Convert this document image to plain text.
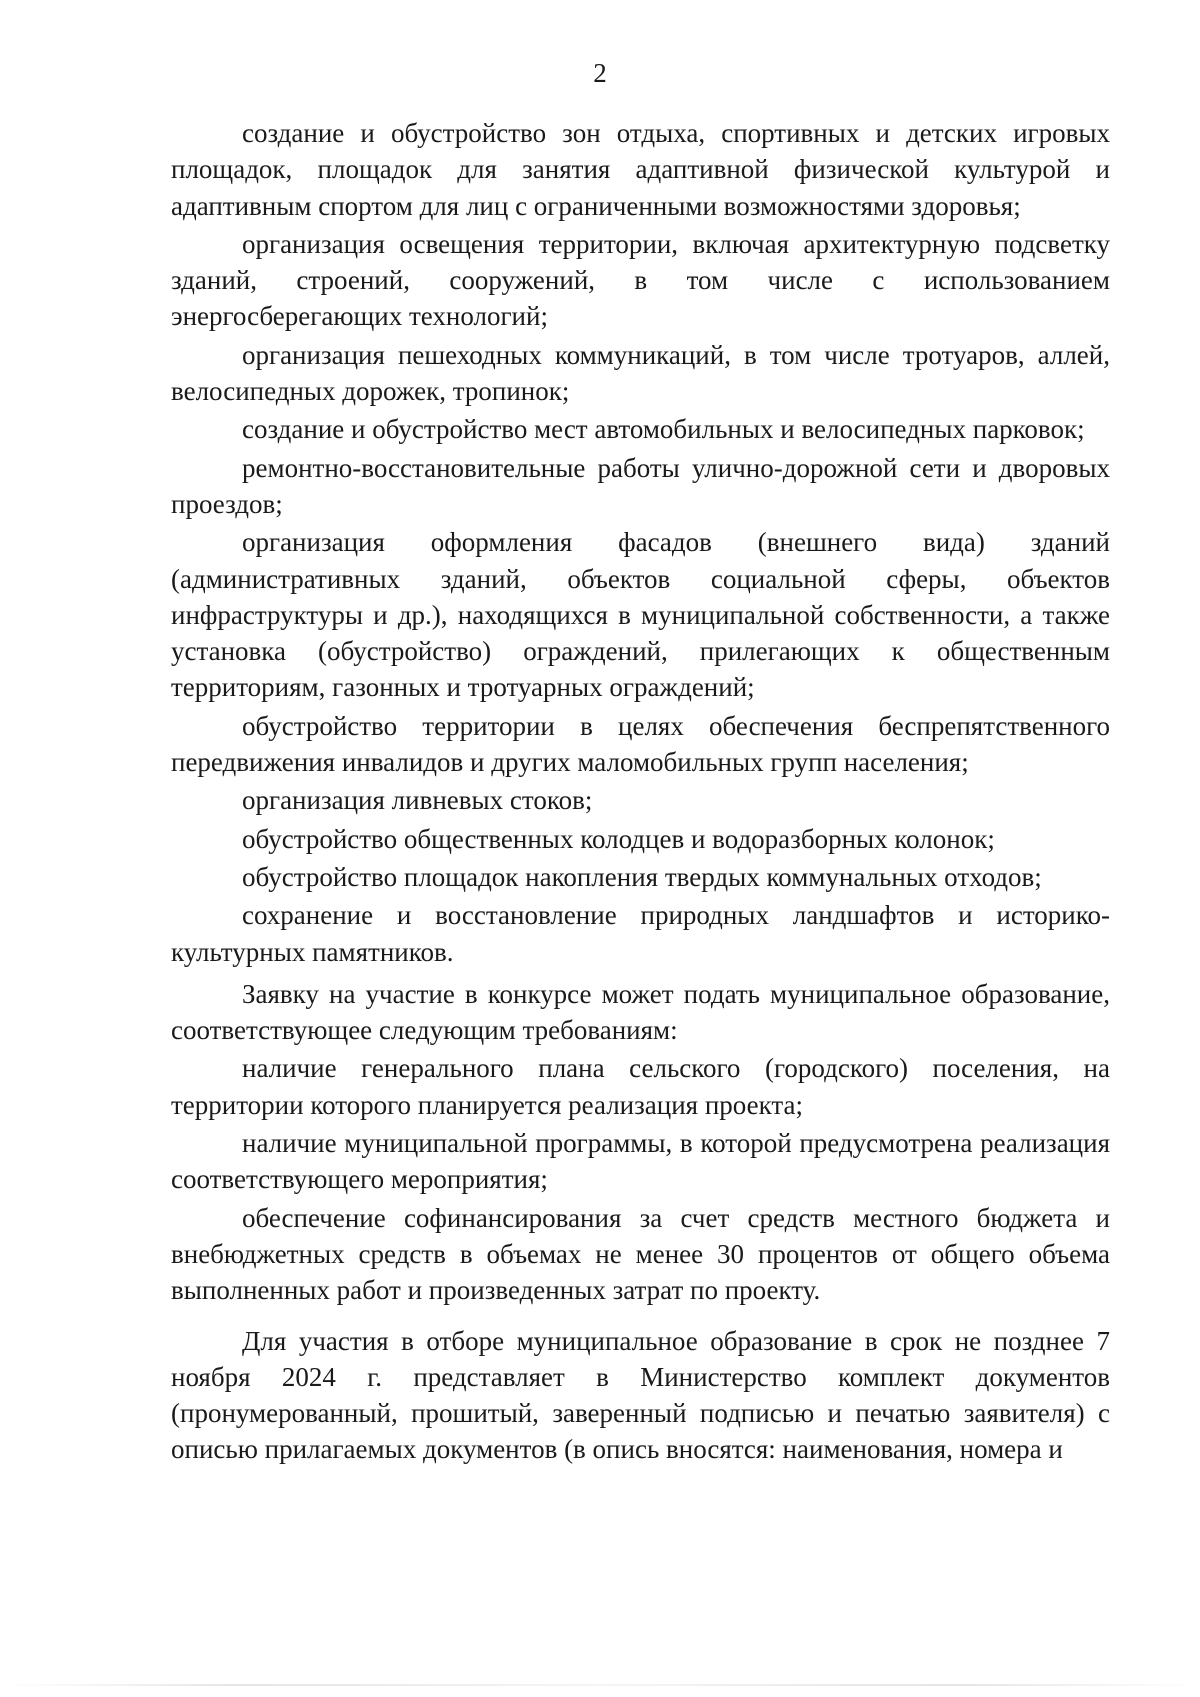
2

создание и обустройство зон отдыха, спортивных и детских игровых площадок, площадок для занятия адаптивной физической культурой и адаптивным спортом для лиц с ограниченными возможностями здоровья;

организация освещения территории, включая архитектурную подсветку зданий, строений, сооружений, в том числе с использованием энергосберегающих технологий;

организация пешеходных коммуникаций, в том числе тротуаров, аллей, велосипедных дорожек, тропинок;

создание и обустройство мест автомобильных и велосипедных парковок;

ремонтно-восстановительные работы улично-дорожной сети и дворовых проездов;

организация оформления фасадов (внешнего вида) зданий (административных зданий, объектов социальной сферы, объектов инфраструктуры и др.), находящихся в муниципальной собственности, а также установка (обустройство) ограждений, прилегающих к общественным территориям, газонных и тротуарных ограждений;

обустройство территории в целях обеспечения беспрепятственного передвижения инвалидов и других маломобильных групп населения;

организация ливневых стоков;

обустройство общественных колодцев и водоразборных колонок;

обустройство площадок накопления твердых коммунальных отходов;

сохранение и восстановление природных ландшафтов и историко-культурных памятников.

Заявку на участие в конкурсе может подать муниципальное образование, соответствующее следующим требованиям:

наличие генерального плана сельского (городского) поселения, на территории которого планируется реализация проекта;

наличие муниципальной программы, в которой предусмотрена реализация соответствующего мероприятия;

обеспечение софинансирования за счет средств местного бюджета и внебюджетных средств в объемах не менее 30 процентов от общего объема выполненных работ и произведенных затрат по проекту.

Для участия в отборе муниципальное образование в срок не позднее 7 ноября 2024 г. представляет в Министерство комплект документов (пронумерованный, прошитый, заверенный подписью и печатью заявителя) с описью прилагаемых документов (в опись вносятся: наименования, номера и
